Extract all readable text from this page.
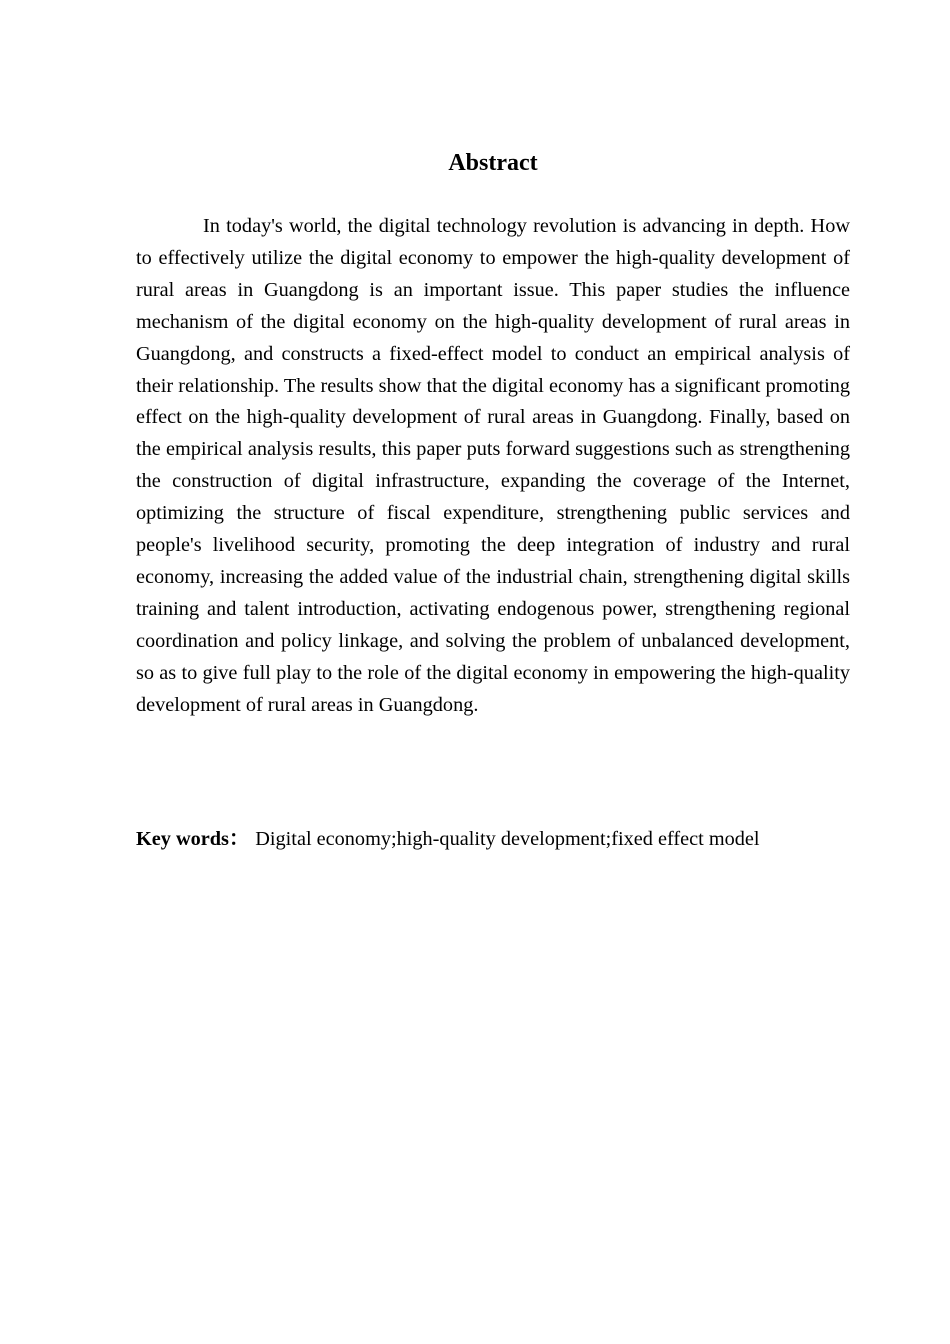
Abstract

In today's world, the digital technology revolution is advancing in depth. How to effectively utilize the digital economy to empower the high-quality development of rural areas in Guangdong is an important issue. This paper studies the influence mechanism of the digital economy on the high-quality development of rural areas in Guangdong, and constructs a fixed-effect model to conduct an empirical analysis of their relationship. The results show that the digital economy has a significant promoting effect on the high-quality development of rural areas in Guangdong. Finally, based on the empirical analysis results, this paper puts forward suggestions such as strengthening the construction of digital infrastructure, expanding the coverage of the Internet, optimizing the structure of fiscal expenditure, strengthening public services and people's livelihood security, promoting the deep integration of industry and rural economy, increasing the added value of the industrial chain, strengthening digital skills training and talent introduction, activating endogenous power, strengthening regional coordination and policy linkage, and solving the problem of unbalanced development, so as to give full play to the role of the digital economy in empowering the high-quality development of rural areas in Guangdong.

Key words： Digital economy;high-quality development;fixed effect model
